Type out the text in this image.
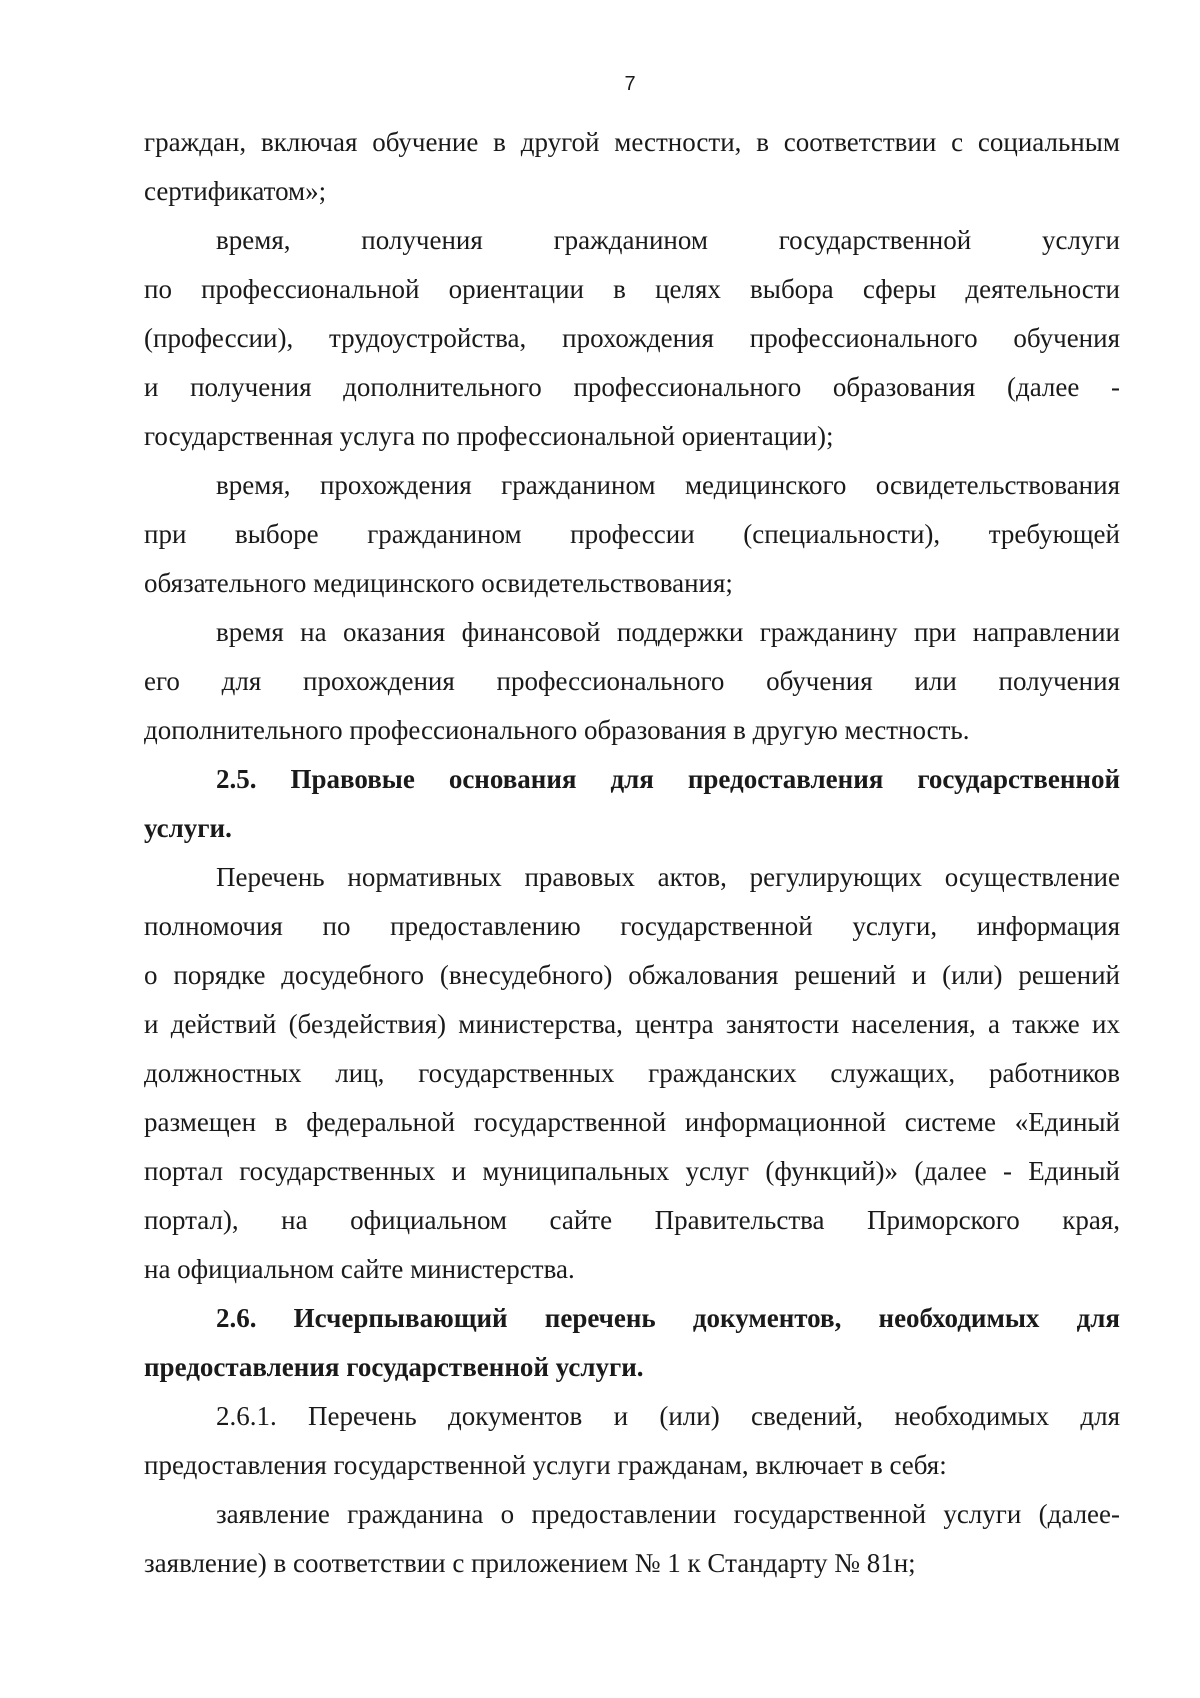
7
граждан, включая обучение в другой местности, в соответствии с социальным
сертификатом»;
время, получения гражданином государственной услуги
по профессиональной ориентации в целях выбора сферы деятельности
(профессии), трудоустройства, прохождения профессионального обучения
и получения дополнительного профессионального образования (далее -
государственная услуга по профессиональной ориентации);
время, прохождения гражданином медицинского освидетельствования
при выборе гражданином профессии (специальности), требующей
обязательного медицинского освидетельствования;
время на оказания финансовой поддержки гражданину при направлении
его для прохождения профессионального обучения или получения
дополнительного профессионального образования в другую местность.
2.5. Правовые основания для предоставления государственной
услуги.
Перечень нормативных правовых актов, регулирующих осуществление
полномочия по предоставлению государственной услуги, информация
о порядке досудебного (внесудебного) обжалования решений и (или) решений
и действий (бездействия) министерства, центра занятости населения, а также их
должностных лиц, государственных гражданских служащих, работников
размещен в федеральной государственной информационной системе «Единый
портал государственных и муниципальных услуг (функций)» (далее - Единый
портал), на официальном сайте Правительства Приморского края,
на официальном сайте министерства.
2.6. Исчерпывающий перечень документов, необходимых для
предоставления государственной услуги.
2.6.1. Перечень документов и (или) сведений, необходимых для
предоставления государственной услуги гражданам, включает в себя:
заявление гражданина о предоставлении государственной услуги (далее-
заявление) в соответствии с приложением № 1 к Стандарту № 81н;
